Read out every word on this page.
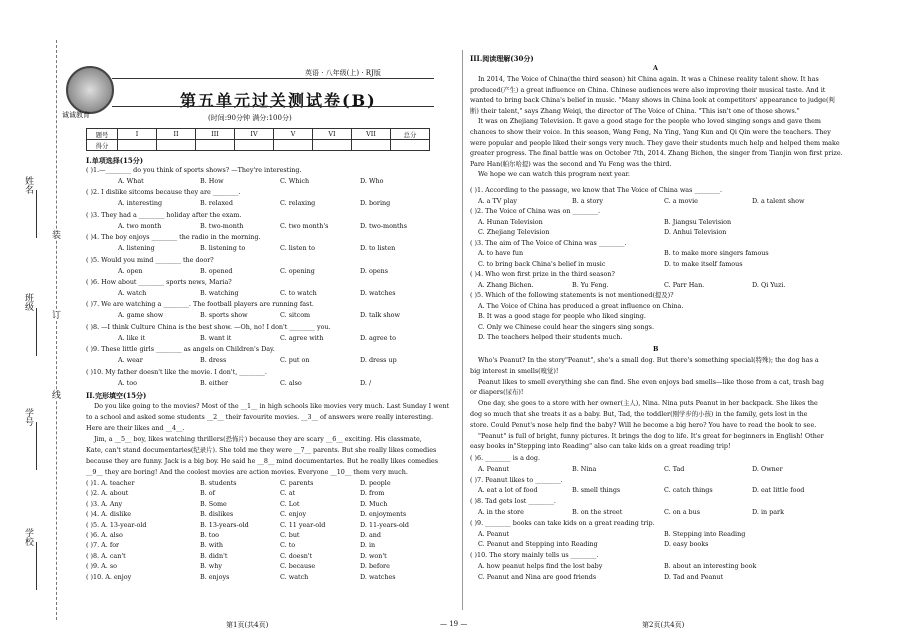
姓名
班级
学号
学校
装
订
线
诚诚教育
英语 · 八年级(上) · RJ版
第五单元过关测试卷(B)
(时间:90分钟 满分:100分)
题号	I	II	III	IV	V	VI	VII	总分
得分								
I.单项选择(15分)
( )1.—________ do you think of sports shows? —They're interesting.
A. What	B. How	C. Which	D. Who
( )2. I dislike sitcoms because they are ________.
A. interesting	B. relaxed	C. relaxing	D. boring
( )3. They had a ________ holiday after the exam.
A. two month	B. two-month	C. two month's	D. two-months
( )4. The boy enjoys ________ the radio in the morning.
A. listening	B. listening to	C. listen to	D. to listen
( )5. Would you mind ________ the door?
A. open	B. opened	C. opening	D. opens
( )6. How about ________ sports news, Maria?
A. watch	B. watching	C. to watch	D. watches
( )7. We are watching a ________. The football players are running fast.
A. game show	B. sports show	C. sitcom	D. talk show
( )8. —I think Culture China is the best show. —Oh, no! I don't ________ you.
A. like it	B. want it	C. agree with	D. agree to
( )9. These little girls ________ as angels on Children's Day.
A. wear	B. dress	C. put on	D. dress up
( )10. My father doesn't like the movie. I don't, ________.
A. too	B. either	C. also	D. /
II.完形填空(15分)
Do you like going to the movies? Most of the __1__ in high schools like movies very much. Last Sunday I went
to a school and asked some students __2__ their favourite movies. __3__ of answers were really interesting.
Here are their likes and __4__.
Jim, a __5__ boy, likes watching thrillers(恐怖片) because they are scary __6__ exciting. His classmate,
Kate, can't stand documentaries(纪录片). She told me they were __7__ parents. But she really likes comedies
because they are funny. Jack is a big boy. He said he __8__ mind documentaries. But he really likes comedies
__9__ they are boring! And the coolest movies are action movies. Everyone __10__ them very much.
( )1. A. teacher	B. students	C. parents	D. people
( )2. A. about	B. of	C. at	D. from
( )3. A. Any	B. Some	C. Lot	D. Much
( )4. A. dislike	B. dislikes	C. enjoy	D. enjoyments
( )5. A. 13-year-old	B. 13-years-old	C. 11 year-old	D. 11-years-old
( )6. A. also	B. too	C. but	D. and
( )7. A. for	B. with	C. to	D. in
( )8. A. can't	B. didn't	C. doesn't	D. won't
( )9. A. so	B. why	C. because	D. before
( )10. A. enjoy	B. enjoys	C. watch	D. watches
III.阅读理解(30分)
A
In 2014, The Voice of China(the third season) hit China again. It was a Chinese reality talent show. It has
produced(产生) a great influence on China. Chinese audiences were also improving their musical taste. And it
wanted to bring back China's belief in music. "Many shows in China look at competitors' appearance to judge(判
断) their talent," says Zhang Weiqi, the director of The Voice of China. "This isn't one of those shows."
It was on Zhejiang Television. It gave a good stage for the people who loved singing songs and gave them
chances to show their voice. In this season, Wang Feng, Na Ying, Yang Kun and Qi Qin were the teachers. They
were popular and people liked their songs very much. They gave their students much help and helped them make
greater progress. The final battle was on October 7th, 2014. Zhang Bichen, the singer from Tianjin won first prize.
Pare Han(帕尔哈提) was the second and Yu Feng was the third.
We hope we can watch this program next year.
( )1. According to the passage, we know that The Voice of China was ________.
A. a TV play	B. a story	C. a movie	D. a talent show
( )2. The Voice of China was on ________.
A. Hunan Television	B. Jiangsu Television
C. Zhejiang Television	D. Anhui Television
( )3. The aim of The Voice of China was ________.
A. to have fun	B. to make more singers famous
C. to bring back China's belief in music	D. to make itself famous
( )4. Who won first prize in the third season?
A. Zhang Bichen.	B. Yu Feng.	C. Parr Han.	D. Qi Yuzi.
( )5. Which of the following statements is not mentioned(提及)?
A. The Voice of China has produced a great influence on China.
B. It was a good stage for people who liked singing.
C. Only we Chinese could hear the singers sing songs.
D. The teachers helped their students much.
B
Who's Peanut? In the story"Peanut", she's a small dog. But there's something special(特殊); the dog has a
big interest in smells(嗅觉)!
Peanut likes to smell everything she can find. She even enjoys bad smells—like those from a cat, trash bag
or diapers(尿布)!
One day, she goes to a store with her owner(主人), Nina. Nina puts Peanut in her backpack. She likes the
dog so much that she treats it as a baby. But, Tad, the toddler(刚学步的小孩) in the family, gets lost in the
store. Could Penut's nose help find the baby? Will he become a big hero? You have to read the book to see.
"Peanut" is full of bright, funny pictures. It brings the dog to life. It's great for beginners in English! Other
easy books in"Stepping into Reading" also can take kids on a great reading trip!
( )6. ________ is a dog.
A. Peanut	B. Nina	C. Tad	D. Owner
( )7. Peanut likes to ________.
A. eat a lot of food	B. smell things	C. catch things	D. eat little food
( )8. Tad gets lost ________.
A. in the store	B. on the street	C. on a bus	D. in park
( )9. ________ books can take kids on a great reading trip.
A. Peanut	B. Stepping into Reading
C. Peanut and Stepping into Reading	D. easy books
( )10. The story mainly tells us ________.
A. how peanut helps find the lost baby	B. about an interesting book
C. Peanut and Nina are good friends	D. Tad and Peanut
第1页(共4页)	— 19 —	第2页(共4页)
